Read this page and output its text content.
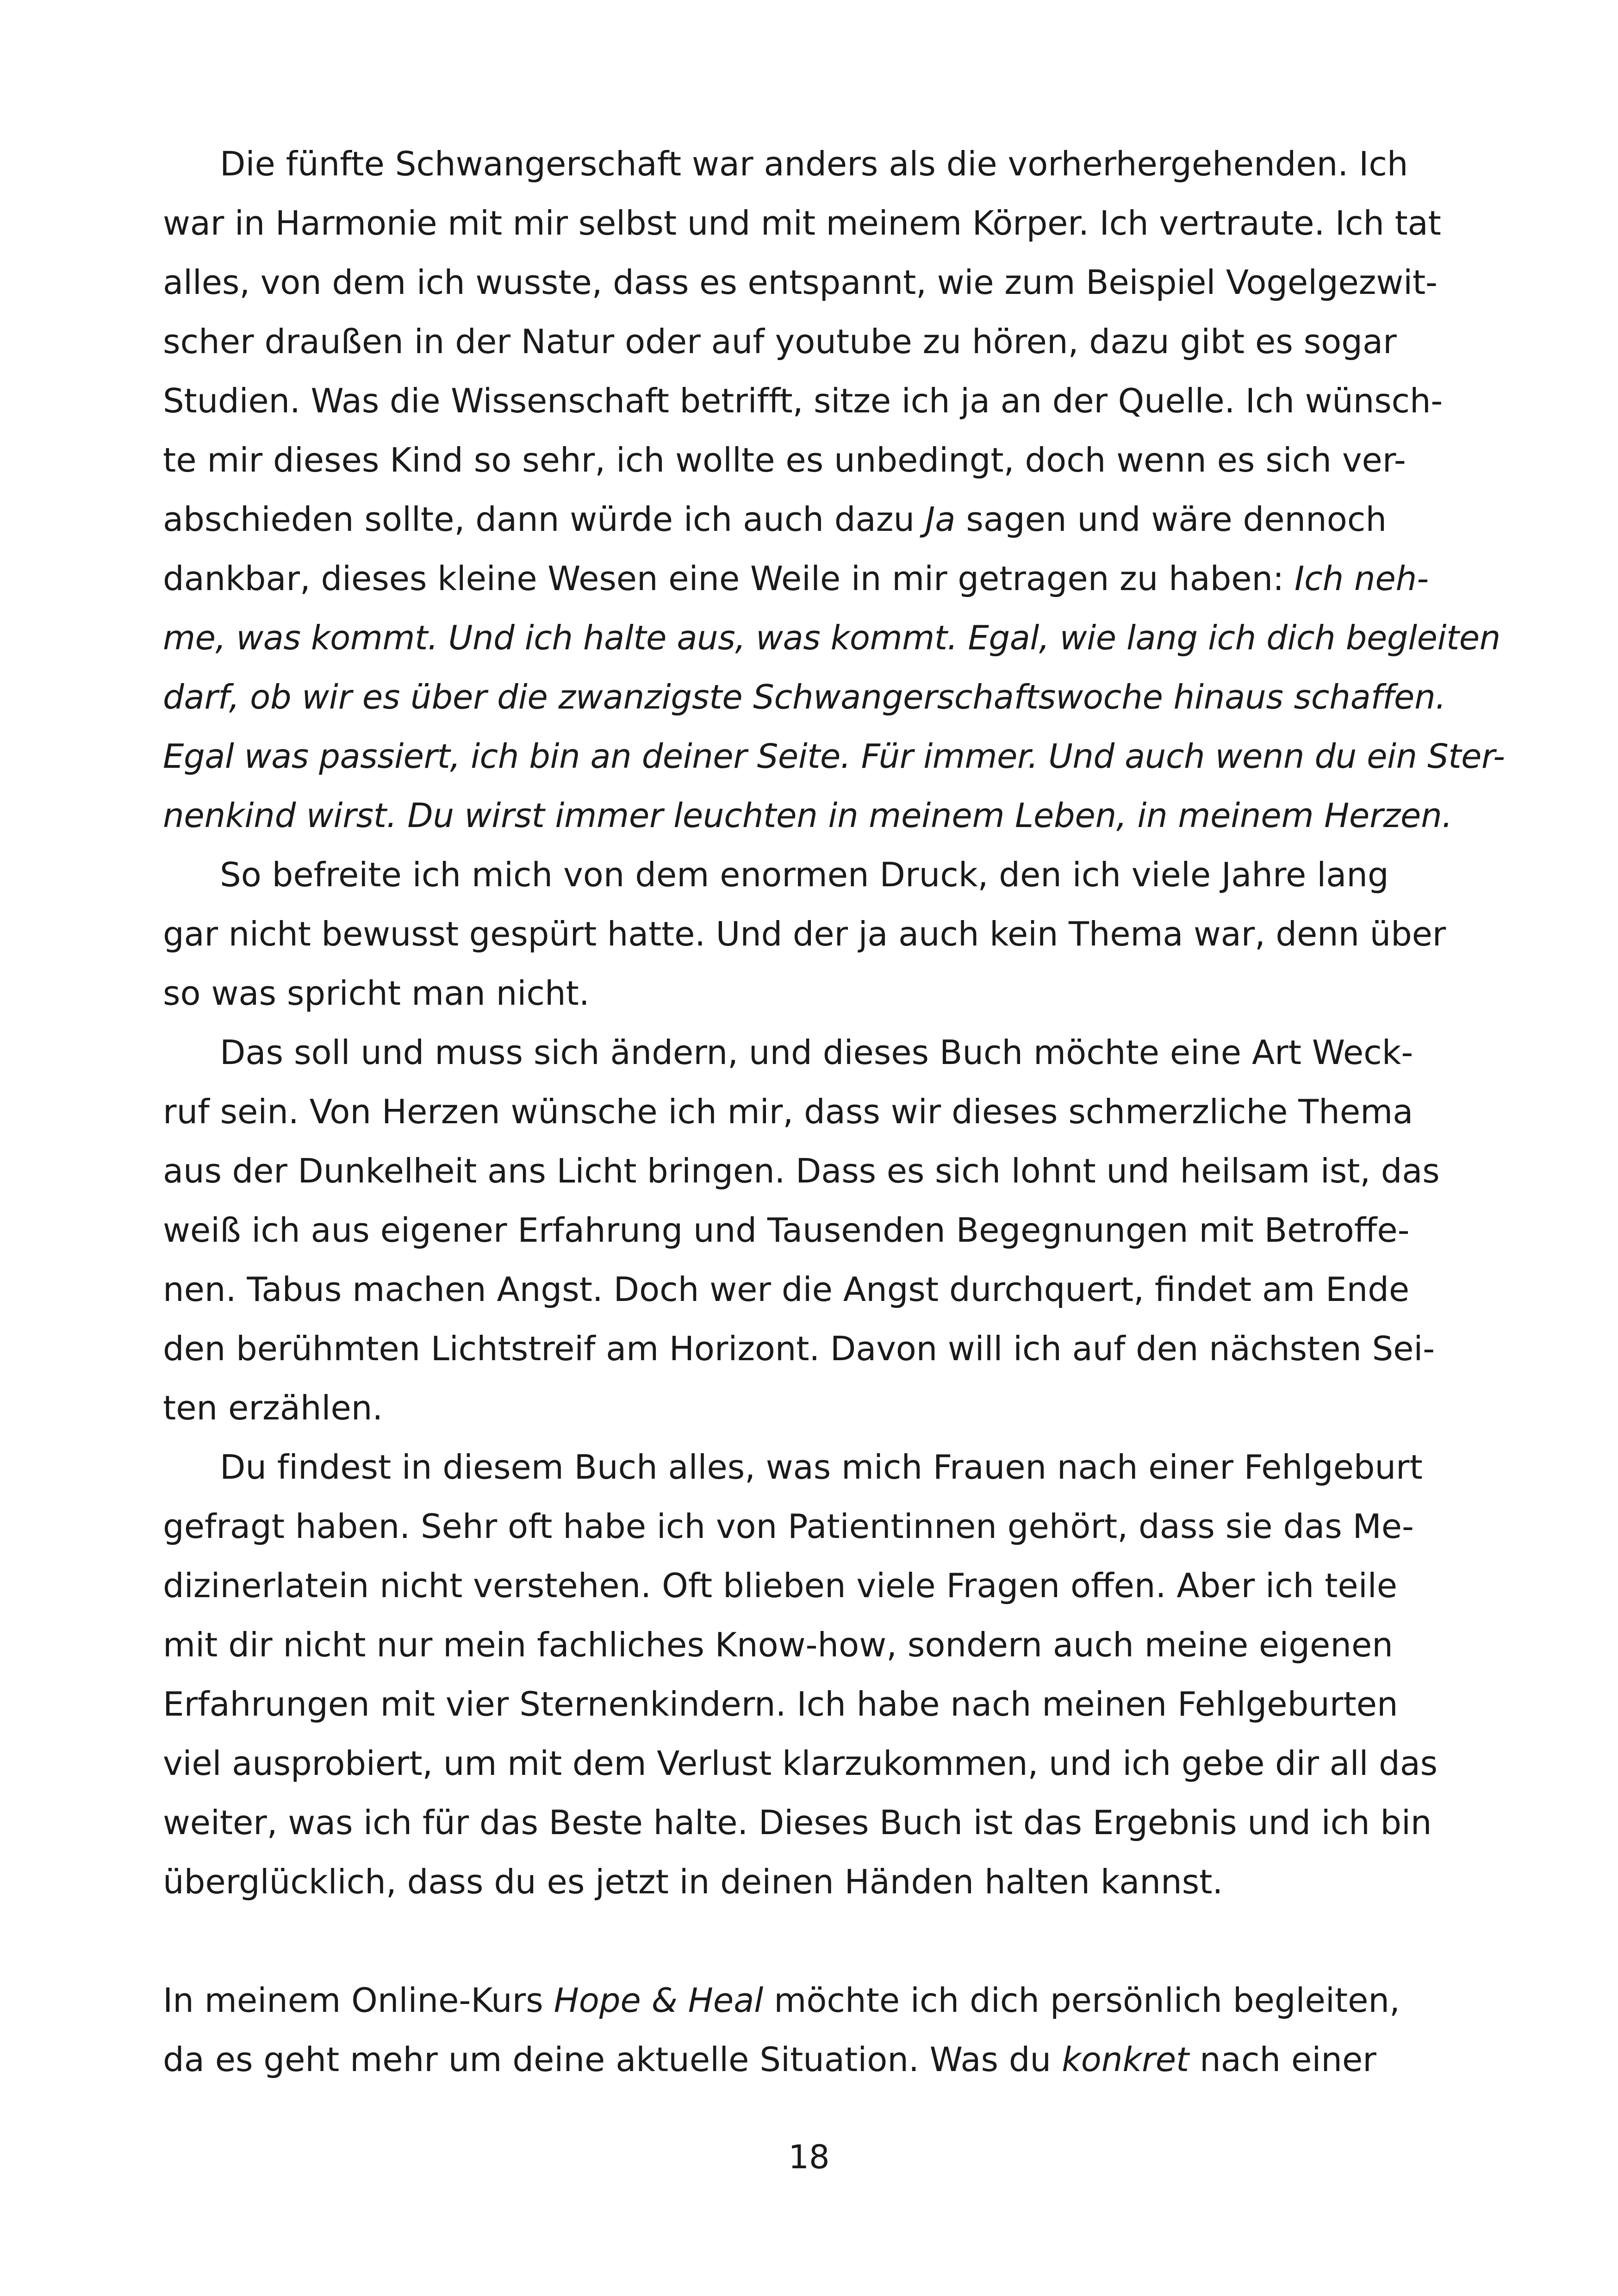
Die fünfte Schwangerschaft war anders als die vorherhergehenden. Ich
war in Harmonie mit mir selbst und mit meinem Körper. Ich vertraute. Ich tat
alles, von dem ich wusste, dass es entspannt, wie zum Beispiel Vogelgezwit-
scher draußen in der Natur oder auf youtube zu hören, dazu gibt es sogar
Studien. Was die Wissenschaft betrifft, sitze ich ja an der Quelle. Ich wünsch-
te mir dieses Kind so sehr, ich wollte es unbedingt, doch wenn es sich ver-
abschieden sollte, dann würde ich auch dazu Ja sagen und wäre dennoch
dankbar, dieses kleine Wesen eine Weile in mir getragen zu haben: Ich neh-
me, was kommt. Und ich halte aus, was kommt. Egal, wie lang ich dich begleiten
darf, ob wir es über die zwanzigste Schwangerschaftswoche hinaus schaffen.
Egal was passiert, ich bin an deiner Seite. Für immer. Und auch wenn du ein Ster-
nenkind wirst. Du wirst immer leuchten in meinem Leben, in meinem Herzen.
So befreite ich mich von dem enormen Druck, den ich viele Jahre lang
gar nicht bewusst gespürt hatte. Und der ja auch kein Thema war, denn über
so was spricht man nicht.
Das soll und muss sich ändern, und dieses Buch möchte eine Art Weck-
ruf sein. Von Herzen wünsche ich mir, dass wir dieses schmerzliche Thema
aus der Dunkelheit ans Licht bringen. Dass es sich lohnt und heilsam ist, das
weiß ich aus eigener Erfahrung und Tausenden Begegnungen mit Betroffe-
nen. Tabus machen Angst. Doch wer die Angst durchquert, findet am Ende
den berühmten Lichtstreif am Horizont. Davon will ich auf den nächsten Sei-
ten erzählen.
Du findest in diesem Buch alles, was mich Frauen nach einer Fehlgeburt
gefragt haben. Sehr oft habe ich von Patientinnen gehört, dass sie das Me-
dizinerlatein nicht verstehen. Oft blieben viele Fragen offen. Aber ich teile
mit dir nicht nur mein fachliches Know-how, sondern auch meine eigenen
Erfahrungen mit vier Sternenkindern. Ich habe nach meinen Fehlgeburten
viel ausprobiert, um mit dem Verlust klarzukommen, und ich gebe dir all das
weiter, was ich für das Beste halte. Dieses Buch ist das Ergebnis und ich bin
überglücklich, dass du es jetzt in deinen Händen halten kannst.
In meinem Online-Kurs Hope & Heal möchte ich dich persönlich begleiten,
da es geht mehr um deine aktuelle Situation. Was du konkret nach einer
18
